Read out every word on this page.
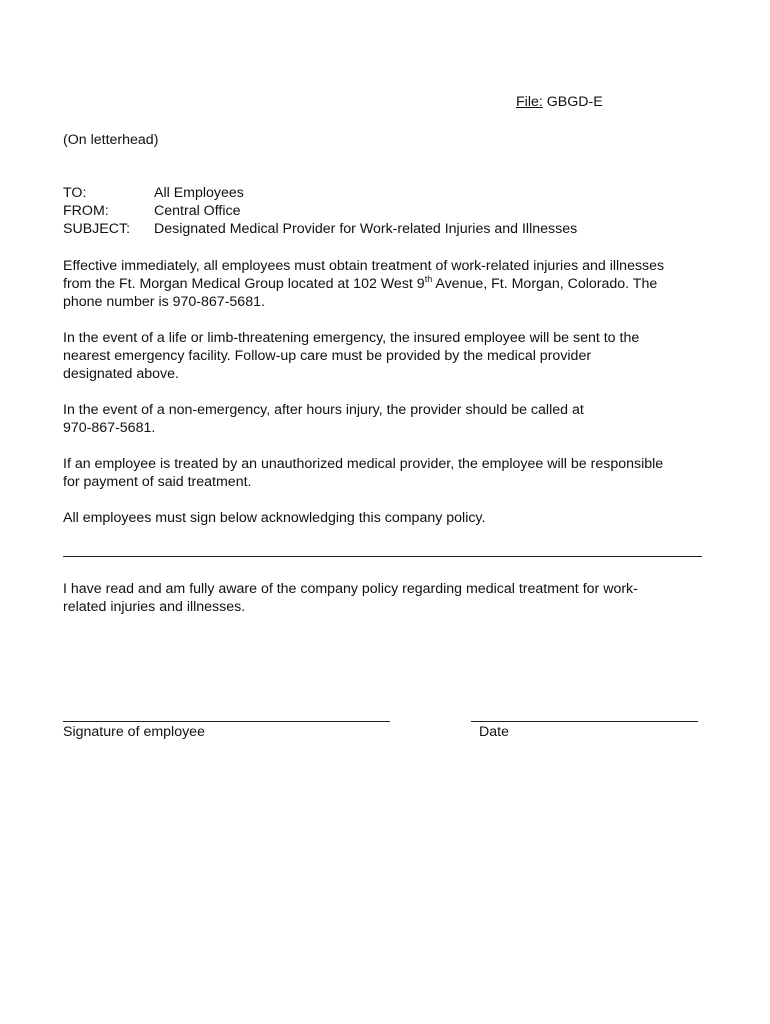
File: GBGD-E
(On letterhead)
TO:	All Employees
FROM:	Central Office
SUBJECT: Designated Medical Provider for Work-related Injuries and Illnesses
Effective immediately, all employees must obtain treatment of work-related injuries and illnesses
from the Ft. Morgan Medical Group located at 102 West 9th Avenue, Ft. Morgan, Colorado. The
phone number is 970-867-5681.
In the event of a life or limb-threatening emergency, the insured employee will be sent to the
nearest emergency facility. Follow-up care must be provided by the medical provider
designated above.
In the event of a non-emergency, after hours injury, the provider should be called at
970-867-5681.
If an employee is treated by an unauthorized medical provider, the employee will be responsible
for payment of said treatment.
All employees must sign below acknowledging this company policy.
I have read and am fully aware of the company policy regarding medical treatment for work-
related injuries and illnesses.
Signature of employee	Date
